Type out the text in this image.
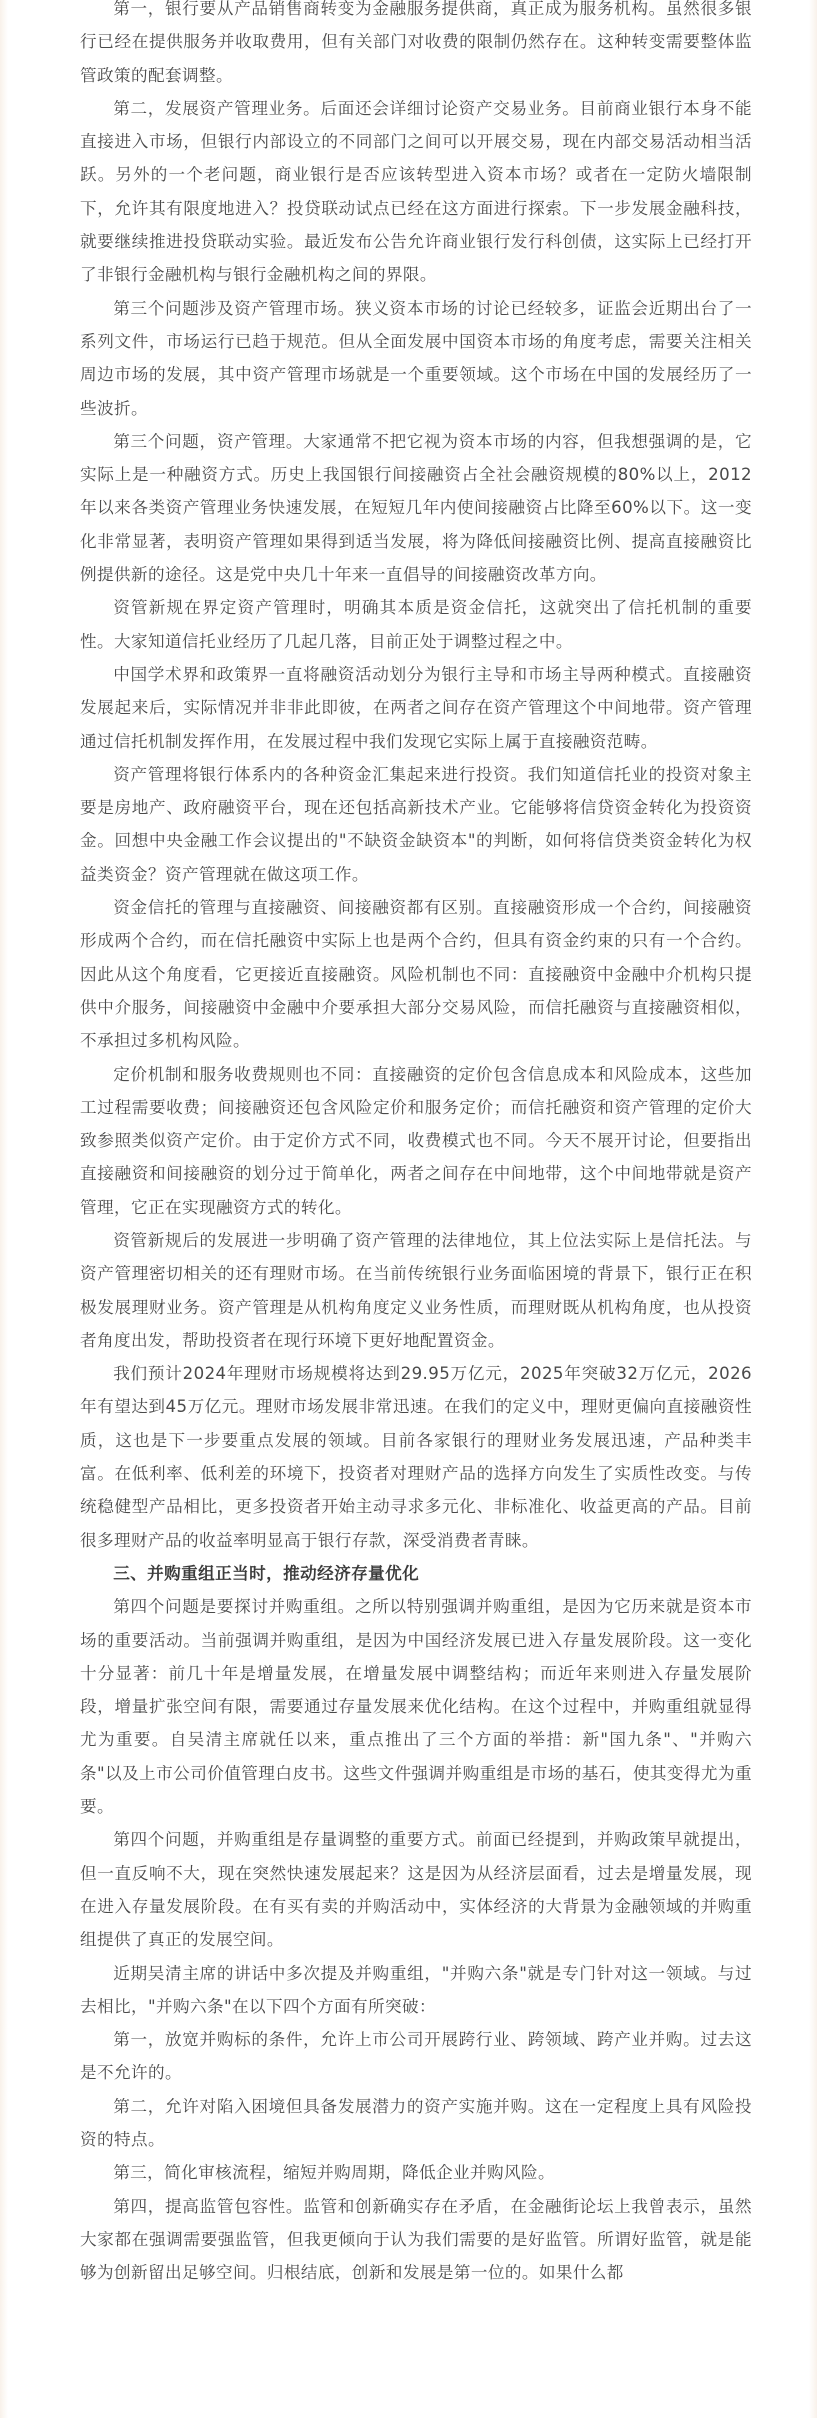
第一，银行要从产品销售商转变为金融服务提供商，真正成为服务机构。虽然很多银行已经在提供服务并收取费用，但有关部门对收费的限制仍然存在。这种转变需要整体监管政策的配套调整。

第二，发展资产管理业务。后面还会详细讨论资产交易业务。目前商业银行本身不能直接进入市场，但银行内部设立的不同部门之间可以开展交易，现在内部交易活动相当活跃。另外的一个老问题，商业银行是否应该转型进入资本市场？或者在一定防火墙限制下，允许其有限度地进入？投贷联动试点已经在这方面进行探索。下一步发展金融科技，就要继续推进投贷联动实验。最近发布公告允许商业银行发行科创债，这实际上已经打开了非银行金融机构与银行金融机构之间的界限。

第三个问题涉及资产管理市场。狭义资本市场的讨论已经较多，证监会近期出台了一系列文件，市场运行已趋于规范。但从全面发展中国资本市场的角度考虑，需要关注相关周边市场的发展，其中资产管理市场就是一个重要领域。这个市场在中国的发展经历了一些波折。

第三个问题，资产管理。大家通常不把它视为资本市场的内容，但我想强调的是，它实际上是一种融资方式。历史上我国银行间接融资占全社会融资规模的80%以上，2012年以来各类资产管理业务快速发展，在短短几年内使间接融资占比降至60%以下。这一变化非常显著，表明资产管理如果得到适当发展，将为降低间接融资比例、提高直接融资比例提供新的途径。这是党中央几十年来一直倡导的间接融资改革方向。

资管新规在界定资产管理时，明确其本质是资金信托，这就突出了信托机制的重要性。大家知道信托业经历了几起几落，目前正处于调整过程之中。

中国学术界和政策界一直将融资活动划分为银行主导和市场主导两种模式。直接融资发展起来后，实际情况并非非此即彼，在两者之间存在资产管理这个中间地带。资产管理通过信托机制发挥作用，在发展过程中我们发现它实际上属于直接融资范畴。

资产管理将银行体系内的各种资金汇集起来进行投资。我们知道信托业的投资对象主要是房地产、政府融资平台，现在还包括高新技术产业。它能够将信贷资金转化为投资资金。回想中央金融工作会议提出的"不缺资金缺资本"的判断，如何将信贷类资金转化为权益类资金？资产管理就在做这项工作。

资金信托的管理与直接融资、间接融资都有区别。直接融资形成一个合约，间接融资形成两个合约，而在信托融资中实际上也是两个合约，但具有资金约束的只有一个合约。因此从这个角度看，它更接近直接融资。风险机制也不同：直接融资中金融中介机构只提供中介服务，间接融资中金融中介要承担大部分交易风险，而信托融资与直接融资相似，不承担过多机构风险。

定价机制和服务收费规则也不同：直接融资的定价包含信息成本和风险成本，这些加工过程需要收费；间接融资还包含风险定价和服务定价；而信托融资和资产管理的定价大致参照类似资产定价。由于定价方式不同，收费模式也不同。今天不展开讨论，但要指出直接融资和间接融资的划分过于简单化，两者之间存在中间地带，这个中间地带就是资产管理，它正在实现融资方式的转化。

资管新规后的发展进一步明确了资产管理的法律地位，其上位法实际上是信托法。与资产管理密切相关的还有理财市场。在当前传统银行业务面临困境的背景下，银行正在积极发展理财业务。资产管理是从机构角度定义业务性质，而理财既从机构角度，也从投资者角度出发，帮助投资者在现行环境下更好地配置资金。

我们预计2024年理财市场规模将达到29.95万亿元，2025年突破32万亿元，2026年有望达到45万亿元。理财市场发展非常迅速。在我们的定义中，理财更偏向直接融资性质，这也是下一步要重点发展的领域。目前各家银行的理财业务发展迅速，产品种类丰富。在低利率、低利差的环境下，投资者对理财产品的选择方向发生了实质性改变。与传统稳健型产品相比，更多投资者开始主动寻求多元化、非标准化、收益更高的产品。目前很多理财产品的收益率明显高于银行存款，深受消费者青睐。

三、并购重组正当时，推动经济存量优化

第四个问题是要探讨并购重组。之所以特别强调并购重组，是因为它历来就是资本市场的重要活动。当前强调并购重组，是因为中国经济发展已进入存量发展阶段。这一变化十分显著：前几十年是增量发展，在增量发展中调整结构；而近年来则进入存量发展阶段，增量扩张空间有限，需要通过存量发展来优化结构。在这个过程中，并购重组就显得尤为重要。自吴清主席就任以来，重点推出了三个方面的举措：新"国九条"、"并购六条"以及上市公司价值管理白皮书。这些文件强调并购重组是市场的基石，使其变得尤为重要。

第四个问题，并购重组是存量调整的重要方式。前面已经提到，并购政策早就提出，但一直反响不大，现在突然快速发展起来？这是因为从经济层面看，过去是增量发展，现在进入存量发展阶段。在有买有卖的并购活动中，实体经济的大背景为金融领域的并购重组提供了真正的发展空间。

近期吴清主席的讲话中多次提及并购重组，"并购六条"就是专门针对这一领域。与过去相比，"并购六条"在以下四个方面有所突破：

第一，放宽并购标的条件，允许上市公司开展跨行业、跨领域、跨产业并购。过去这是不允许的。

第二，允许对陷入困境但具备发展潜力的资产实施并购。这在一定程度上具有风险投资的特点。

第三，简化审核流程，缩短并购周期，降低企业并购风险。

第四，提高监管包容性。监管和创新确实存在矛盾，在金融街论坛上我曾表示，虽然大家都在强调需要强监管，但我更倾向于认为我们需要的是好监管。所谓好监管，就是能够为创新留出足够空间。归根结底，创新和发展是第一位的。如果什么都
